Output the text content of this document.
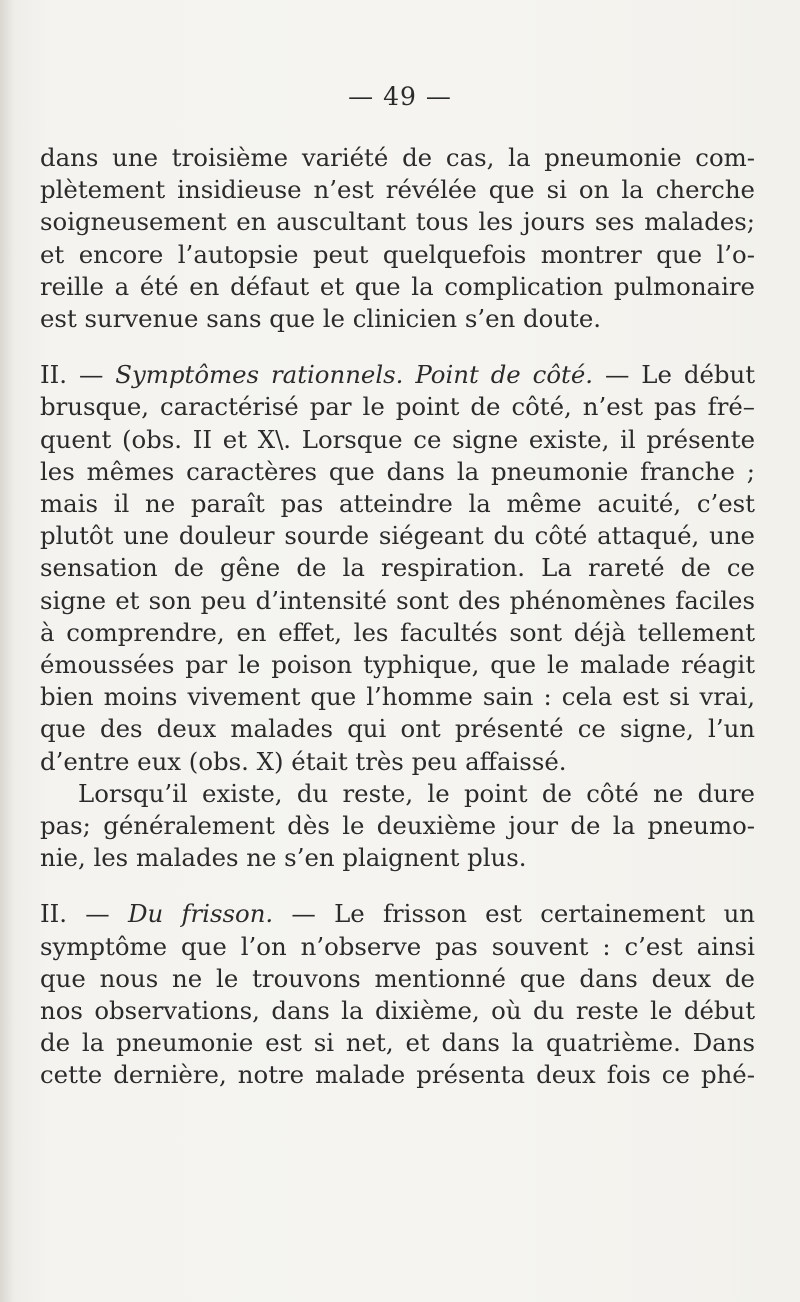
— 49 —

dans une troisième variété de cas, la pneumonie com-
plètement insidieuse n’est révélée que si on la cherche
soigneusement en auscultant tous les jours ses malades;
et encore l’autopsie peut quelquefois montrer que l’o-
reille a été en défaut et que la complication pulmonaire
est survenue sans que le clinicien s’en doute.

II. — Symptômes rationnels. Point de côté. — Le début
brusque, caractérisé par le point de côté, n’est pas fré–
quent (obs. II et X\. Lorsque ce signe existe, il présente
les mêmes caractères que dans la pneumonie franche ;
mais il ne paraît pas atteindre la même acuité, c’est
plutôt une douleur sourde siégeant du côté attaqué, une
sensation de gêne de la respiration. La rareté de ce
signe et son peu d’intensité sont des phénomènes faciles
à comprendre, en effet, les facultés sont déjà tellement
émoussées par le poison typhique, que le malade réagit
bien moins vivement que l’homme sain : cela est si vrai,
que des deux malades qui ont présenté ce signe, l’un
d’entre eux (obs. X) était très peu affaissé.

Lorsqu’il existe, du reste, le point de côté ne dure
pas; généralement dès le deuxième jour de la pneumo-
nie, les malades ne s’en plaignent plus.

II. — Du frisson. — Le frisson est certainement un
symptôme que l’on n’observe pas souvent : c’est ainsi
que nous ne le trouvons mentionné que dans deux de
nos observations, dans la dixième, où du reste le début
de la pneumonie est si net, et dans la quatrième. Dans
cette dernière, notre malade présenta deux fois ce phé-
